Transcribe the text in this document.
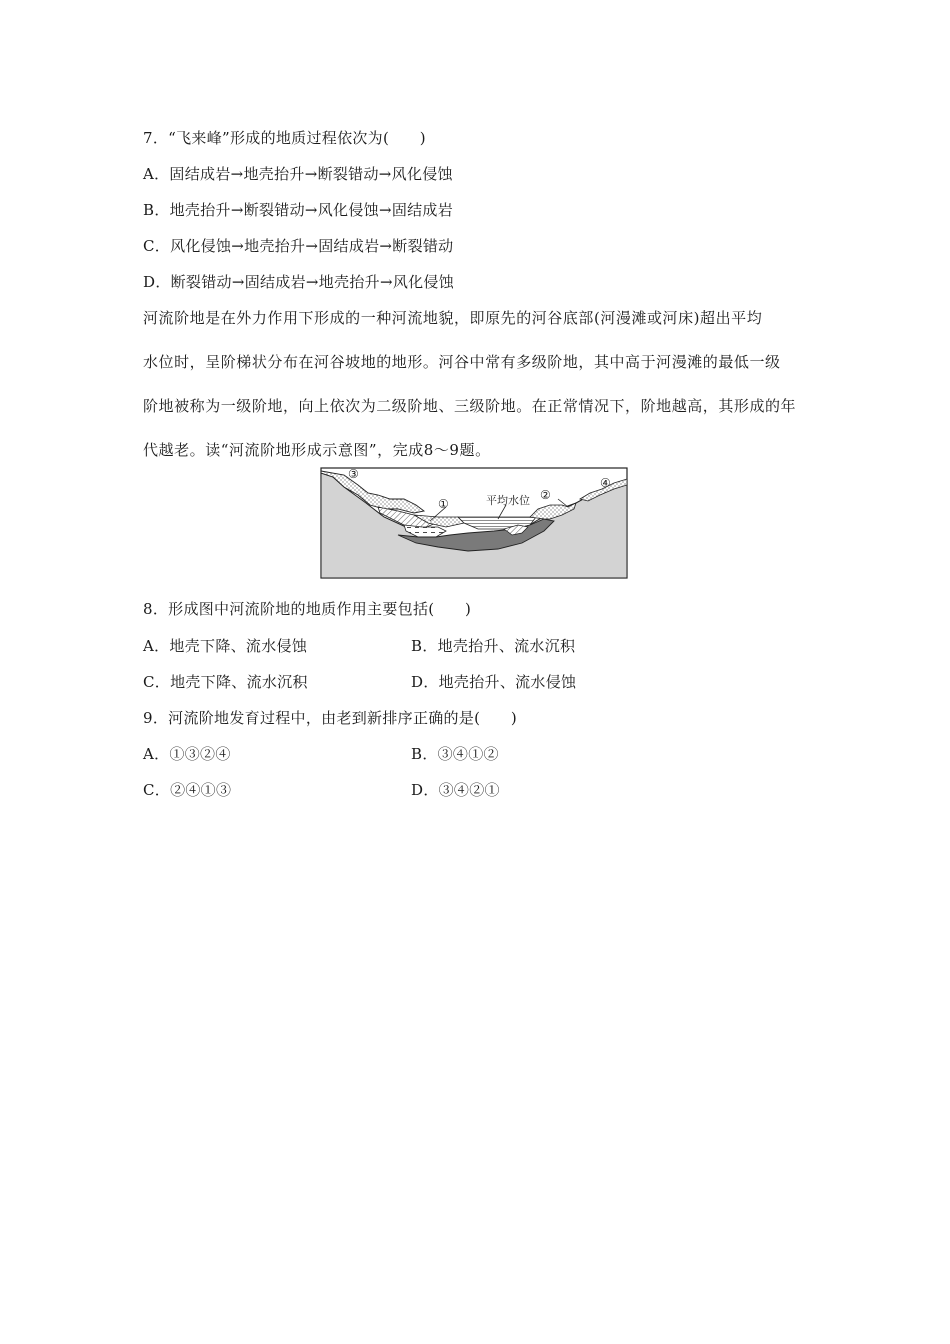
7．“飞来峰”形成的地质过程依次为(　　)
A．固结成岩→地壳抬升→断裂错动→风化侵蚀
B．地壳抬升→断裂错动→风化侵蚀→固结成岩
C．风化侵蚀→地壳抬升→固结成岩→断裂错动
D．断裂错动→固结成岩→地壳抬升→风化侵蚀
河流阶地是在外力作用下形成的一种河流地貌，即原先的河谷底部(河漫滩或河床)超出平均
水位时，呈阶梯状分布在河谷坡地的地形。河谷中常有多级阶地，其中高于河漫滩的最低一级
阶地被称为一级阶地，向上依次为二级阶地、三级阶地。在正常情况下，阶地越高，其形成的年
代越老。读“河流阶地形成示意图”，完成8～9题。
③
①	平均水位 ②
④
8．形成图中河流阶地的地质作用主要包括(　　)
A．地壳下降、流水侵蚀	B．地壳抬升、流水沉积
C．地壳下降、流水沉积	D．地壳抬升、流水侵蚀
9．河流阶地发育过程中，由老到新排序正确的是(　　)
A．①③②④	B．③④①②
C．②④①③	D．③④②①
